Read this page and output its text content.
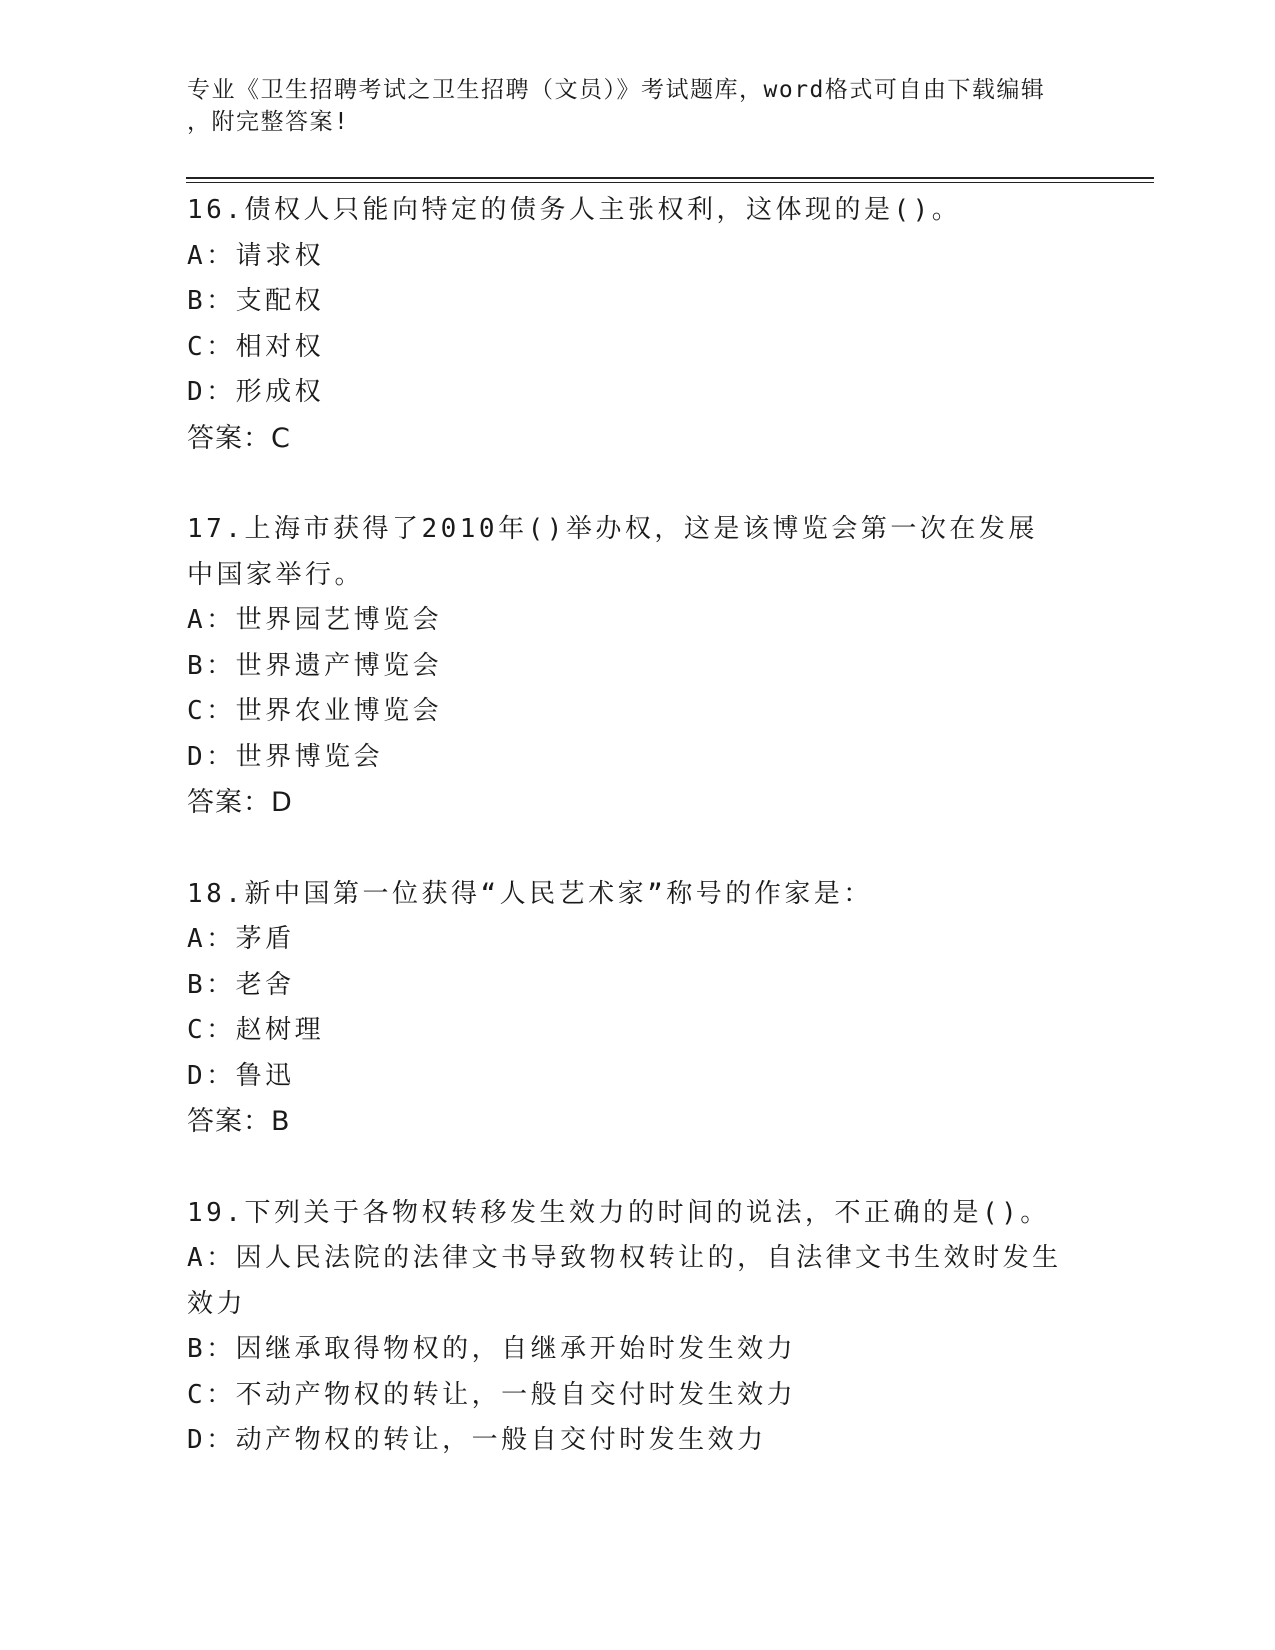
专业《卫生招聘考试之卫生招聘（文员）》考试题库，word格式可自由下载编辑
，附完整答案!
16.债权人只能向特定的债务人主张权利，这体现的是()。
A：请求权
B：支配权
C：相对权
D：形成权
答案：C
17.上海市获得了2010年()举办权，这是该博览会第一次在发展中国家举行。
A：世界园艺博览会
B：世界遗产博览会
C：世界农业博览会
D：世界博览会
答案：D
18.新中国第一位获得“人民艺术家”称号的作家是：
A：茅盾
B：老舍
C：赵树理
D：鲁迅
答案：B
19.下列关于各物权转移发生效力的时间的说法，不正确的是()。
A：因人民法院的法律文书导致物权转让的，自法律文书生效时发生效力
B：因继承取得物权的，自继承开始时发生效力
C：不动产物权的转让，一般自交付时发生效力
D：动产物权的转让，一般自交付时发生效力
